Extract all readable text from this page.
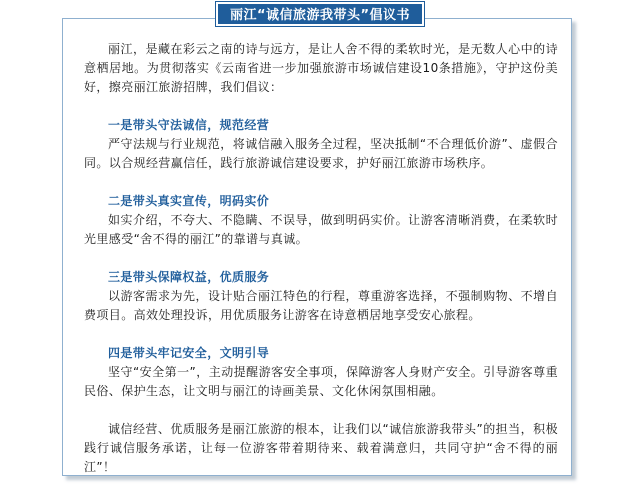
丽江“诚信旅游我带头”倡议书

丽江，是藏在彩云之南的诗与远方，是让人舍不得的柔软时光，是无数人心中的诗意栖居地。为贯彻落实《云南省进一步加强旅游市场诚信建设10条措施》，守护这份美好，擦亮丽江旅游招牌，我们倡议：

一是带头守法诚信，规范经营

严守法规与行业规范，将诚信融入服务全过程，坚决抵制“不合理低价游”、虚假合同。以合规经营赢信任，践行旅游诚信建设要求，护好丽江旅游市场秩序。

二是带头真实宣传，明码实价

如实介绍，不夸大、不隐瞒、不误导，做到明码实价。让游客清晰消费，在柔软时光里感受“舍不得的丽江”的靠谱与真诚。

三是带头保障权益，优质服务

以游客需求为先，设计贴合丽江特色的行程，尊重游客选择，不强制购物、不增自费项目。高效处理投诉，用优质服务让游客在诗意栖居地享受安心旅程。

四是带头牢记安全，文明引导

坚守“安全第一”，主动提醒游客安全事项，保障游客人身财产安全。引导游客尊重民俗、保护生态，让文明与丽江的诗画美景、文化休闲氛围相融。

诚信经营、优质服务是丽江旅游的根本，让我们以“诚信旅游我带头”的担当，积极践行诚信服务承诺，让每一位游客带着期待来、载着满意归，共同守护“舍不得的丽江”！
